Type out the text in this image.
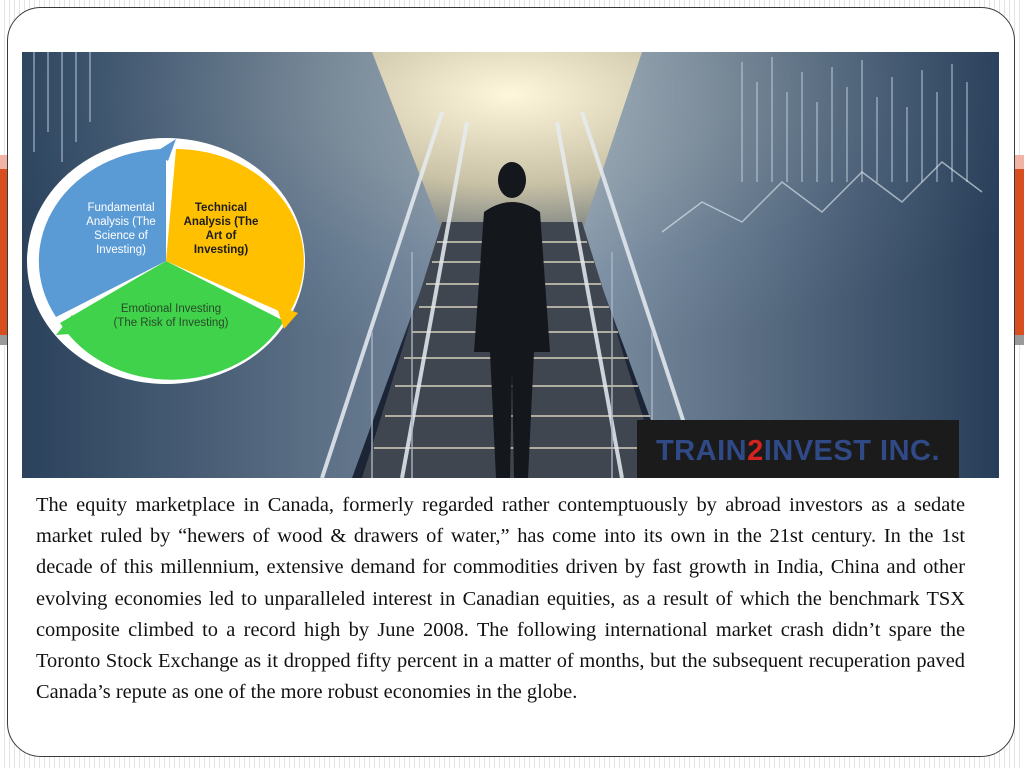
TRAIN2INVEST INC.
Fundamental Analysis (The Science of Investing)
Technical Analysis (The Art of Investing)
Emotional Investing (The Risk of Investing)

The equity marketplace in Canada, formerly regarded rather contemptuously by abroad investors as a sedate market ruled by “hewers of wood & drawers of water,” has come into its own in the 21st century. In the 1st decade of this millennium, extensive demand for commodities driven by fast growth in India, China and other evolving economies led to unparalleled interest in Canadian equities, as a result of which the benchmark TSX composite climbed to a record high by June 2008. The following international market crash didn’t spare the Toronto Stock Exchange as it dropped fifty percent in a matter of months, but the subsequent recuperation paved Canada’s repute as one of the more robust economies in the globe.
